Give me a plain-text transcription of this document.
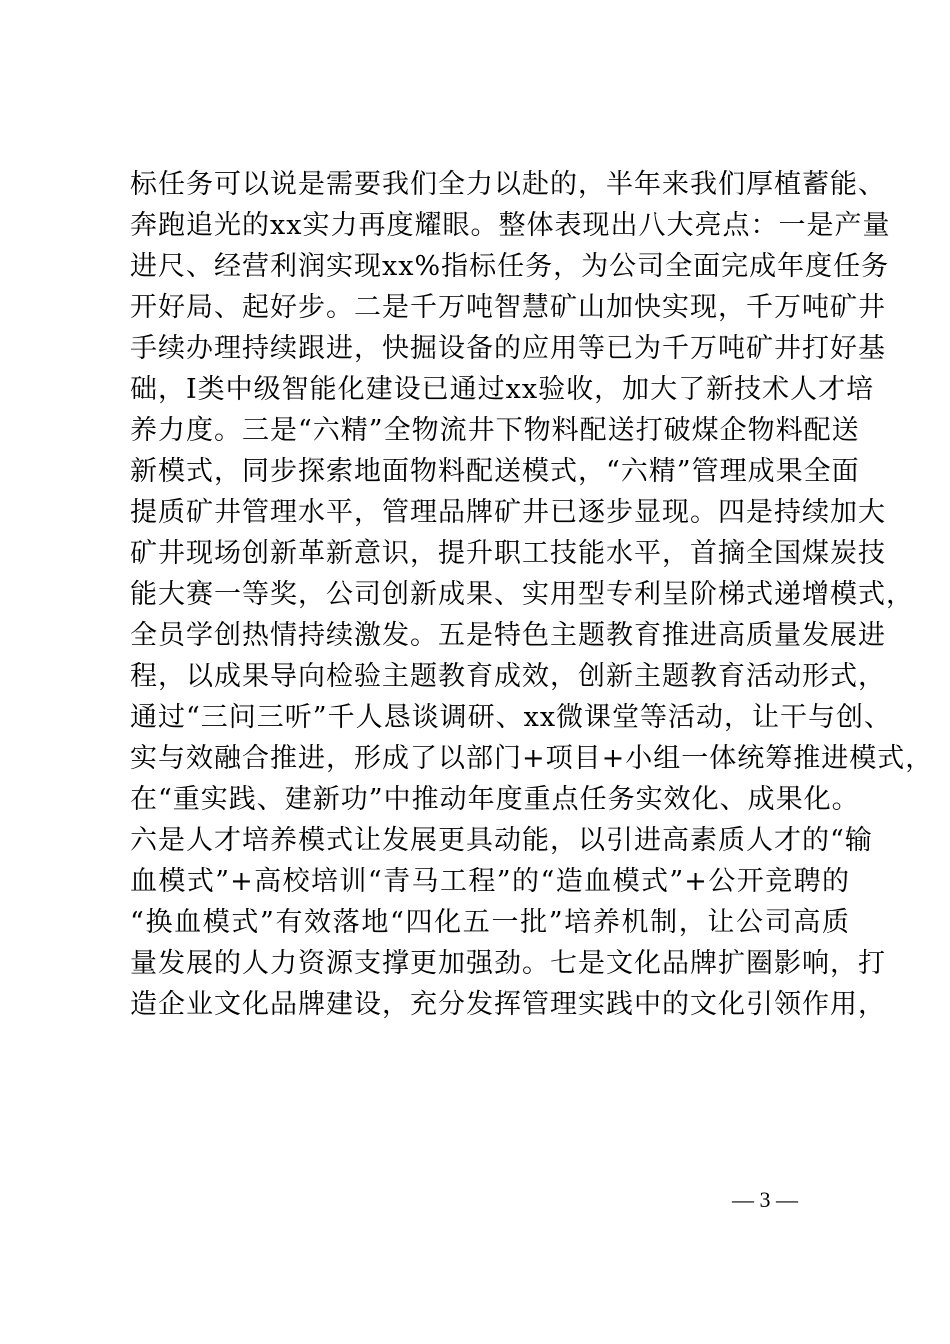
标任务可以说是需要我们全力以赴的，半年来我们厚植蓄能、
奔跑追光的xx实力再度耀眼。整体表现出八大亮点：一是产量
进尺、经营利润实现xx%指标任务，为公司全面完成年度任务
开好局、起好步。二是千万吨智慧矿山加快实现，千万吨矿井
手续办理持续跟进，快掘设备的应用等已为千万吨矿井打好基
础，I类中级智能化建设已通过xx验收，加大了新技术人才培
养力度。三是“六精”全物流井下物料配送打破煤企物料配送
新模式，同步探索地面物料配送模式，“六精”管理成果全面
提质矿井管理水平，管理品牌矿井已逐步显现。四是持续加大
矿井现场创新革新意识，提升职工技能水平，首摘全国煤炭技
能大赛一等奖，公司创新成果、实用型专利呈阶梯式递增模式，
全员学创热情持续激发。五是特色主题教育推进高质量发展进
程，以成果导向检验主题教育成效，创新主题教育活动形式，
通过“三问三听”千人恳谈调研、xx微课堂等活动，让干与创、
实与效融合推进，形成了以部门+项目+小组一体统筹推进模式，
在“重实践、建新功”中推动年度重点任务实效化、成果化。
六是人才培养模式让发展更具动能，以引进高素质人才的“输
血模式”+高校培训“青马工程”的“造血模式”+公开竞聘的
“换血模式”有效落地“四化五一批”培养机制，让公司高质
量发展的人力资源支撑更加强劲。七是文化品牌扩圈影响，打
造企业文化品牌建设，充分发挥管理实践中的文化引领作用，
— 3 —
